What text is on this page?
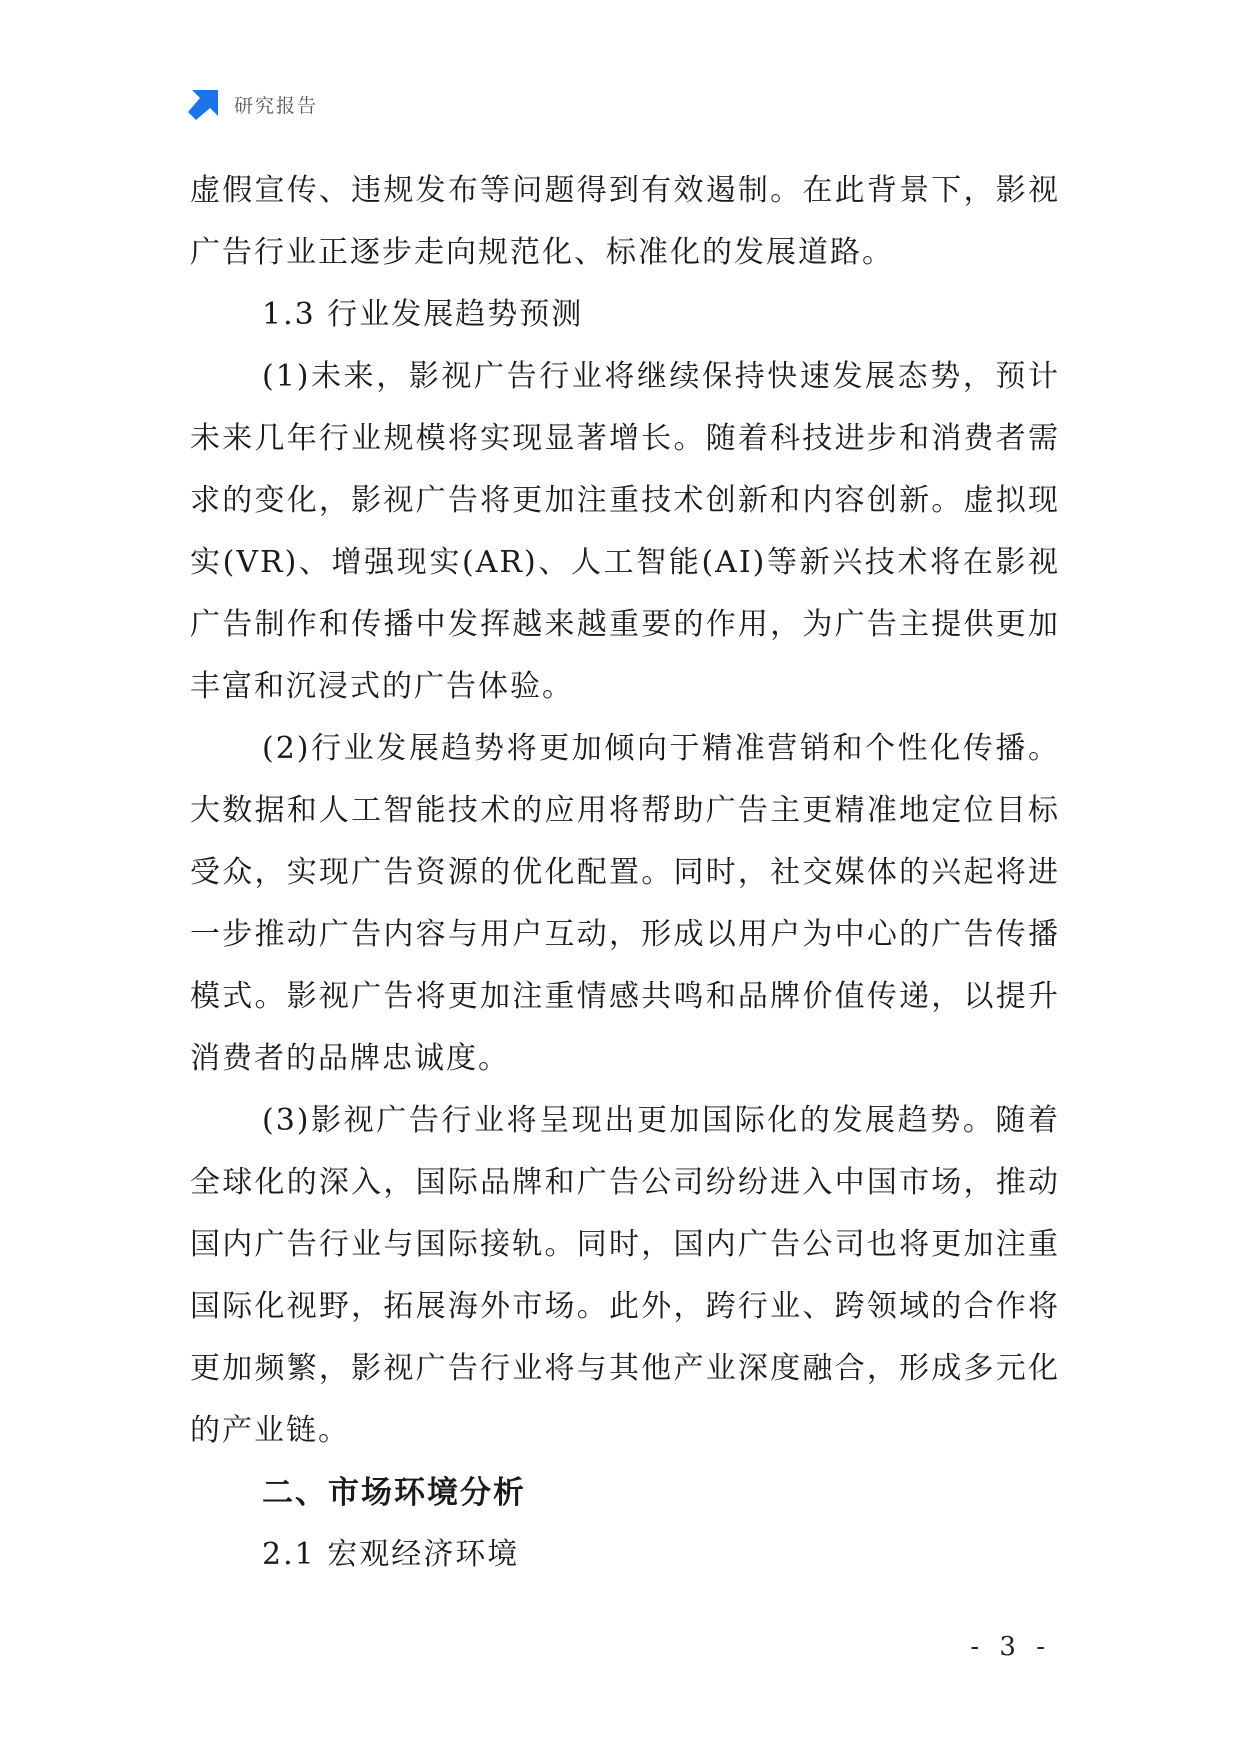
研究报告

虚假宣传、违规发布等问题得到有效遏制。在此背景下，影视广告行业正逐步走向规范化、标准化的发展道路。

1.3 行业发展趋势预测

(1)未来，影视广告行业将继续保持快速发展态势，预计未来几年行业规模将实现显著增长。随着科技进步和消费者需求的变化，影视广告将更加注重技术创新和内容创新。虚拟现实(VR)、增强现实(AR)、人工智能(AI)等新兴技术将在影视广告制作和传播中发挥越来越重要的作用，为广告主提供更加丰富和沉浸式的广告体验。

(2)行业发展趋势将更加倾向于精准营销和个性化传播。大数据和人工智能技术的应用将帮助广告主更精准地定位目标受众，实现广告资源的优化配置。同时，社交媒体的兴起将进一步推动广告内容与用户互动，形成以用户为中心的广告传播模式。影视广告将更加注重情感共鸣和品牌价值传递，以提升消费者的品牌忠诚度。

(3)影视广告行业将呈现出更加国际化的发展趋势。随着全球化的深入，国际品牌和广告公司纷纷进入中国市场，推动国内广告行业与国际接轨。同时，国内广告公司也将更加注重国际化视野，拓展海外市场。此外，跨行业、跨领域的合作将更加频繁，影视广告行业将与其他产业深度融合，形成多元化的产业链。

二、市场环境分析

2.1 宏观经济环境

- 3 -
